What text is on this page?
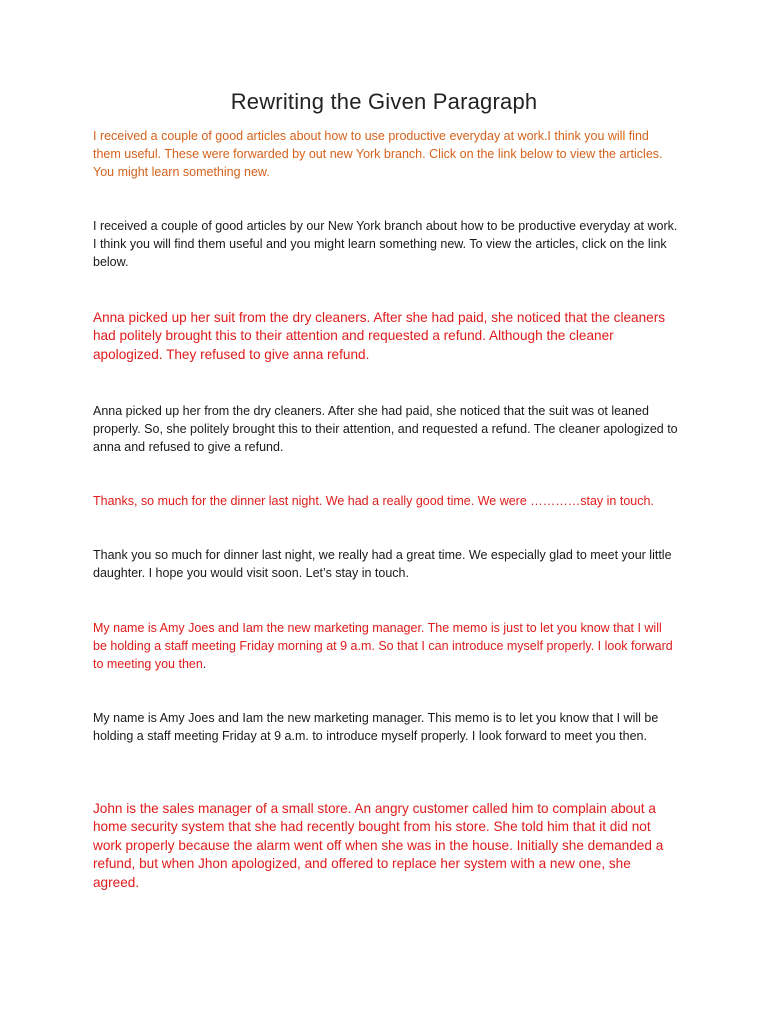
Rewriting the Given Paragraph

I received a couple of good articles about how to use productive everyday at work.I think you will find them useful. These were forwarded by out new York branch. Click on the link below to view the articles. You might learn something new.

I received a couple of good articles by our New York branch about how to be productive everyday at work. I think you will find them useful and you might learn something new. To view the articles, click on the link below.

Anna picked up her suit from the dry cleaners. After she had paid, she noticed that the cleaners had politely brought this to their attention and requested a refund. Although the cleaner apologized. They refused to give anna refund.

Anna picked up her from the dry cleaners. After she had paid, she noticed that the suit was ot leaned properly. So, she politely brought this to their attention, and requested a refund. The cleaner apologized to anna and refused to give a refund.

Thanks, so much for the dinner last night. We had a really good time. We were …………stay in touch.

Thank you so much for dinner last night, we really had a great time. We especially glad to meet your little daughter. I hope you would visit soon. Let’s stay in touch.

My name is Amy Joes and Iam the new marketing manager. The memo is just to let you know that I will be holding a staff meeting Friday morning at 9 a.m. So that I can introduce myself properly. I look forward to meeting you then.

My name is Amy Joes and Iam the new marketing manager. This memo is to let you know that I will be holding a staff meeting Friday at 9 a.m. to introduce myself properly. I look forward to meet you then.

John is the sales manager of a small store. An angry customer called him to complain about a home security system that she had recently bought from his store. She told him that it did not work properly because the alarm went off when she was in the house. Initially she demanded a refund, but when Jhon apologized, and offered to replace her system with a new one, she agreed.
